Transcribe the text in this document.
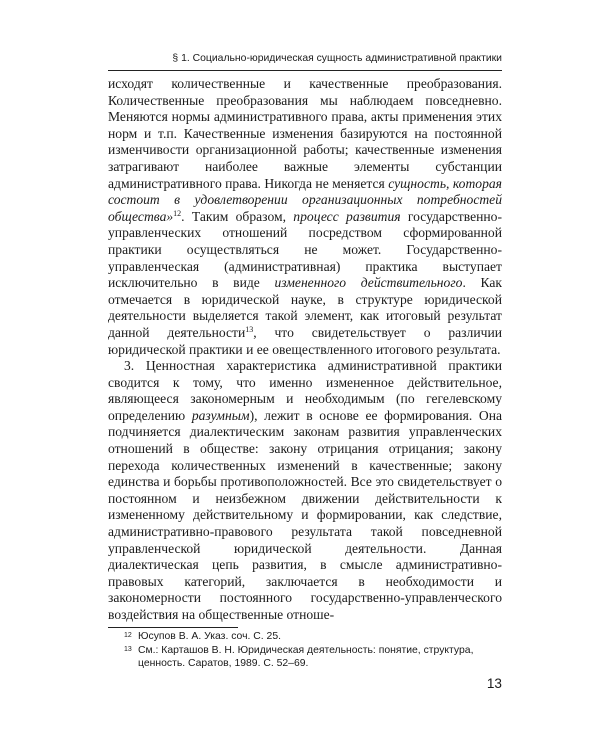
§ 1. Социально-юридическая сущность административной практики

исходят количественные и качественные преобразования. Количественные преобразования мы наблюдаем повседневно. Меняются нормы административного права, акты применения этих норм и т.п. Качественные изменения базируются на постоянной изменчивости организационной работы; качественные изменения затрагивают наиболее важные элементы субстанции административного права. Никогда не меняется сущность, которая состоит в удовлетворении организационных потребностей общества»$^{12}$. Таким образом, процесс развития государственно-управленческих отношений посредством сформированной практики осуществляться не может. Государственно-управленческая (административная) практика выступает исключительно в виде измененного действительного. Как отмечается в юридической науке, в структуре юридической деятельности выделяется такой элемент, как итоговый результат данной деятельности$^{13}$, что свидетельствует о различии юридической практики и ее овеществленного итогового результата.

3. Ценностная характеристика административной практики сводится к тому, что именно измененное действительное, являющееся закономерным и необходимым (по гегелевскому определению разумным), лежит в основе ее формирования. Она подчиняется диалектическим законам развития управленческих отношений в обществе: закону отрицания отрицания; закону перехода количественных изменений в качественные; закону единства и борьбы противоположностей. Все это свидетельствует о постоянном и неизбежном движении действительности к измененному действительному и формировании, как следствие, административно-правового результата такой повседневной управленческой юридической деятельности. Данная диалектическая цепь развития, в смысле административно-правовых категорий, заключается в необходимости и закономерности постоянного государственно-управленческого воздействия на общественные отноше-

12 Юсупов В. А. Указ. соч. С. 25.
13 См.: Карташов В. Н. Юридическая деятельность: понятие, структура, ценность. Саратов, 1989. С. 52–69.
13
